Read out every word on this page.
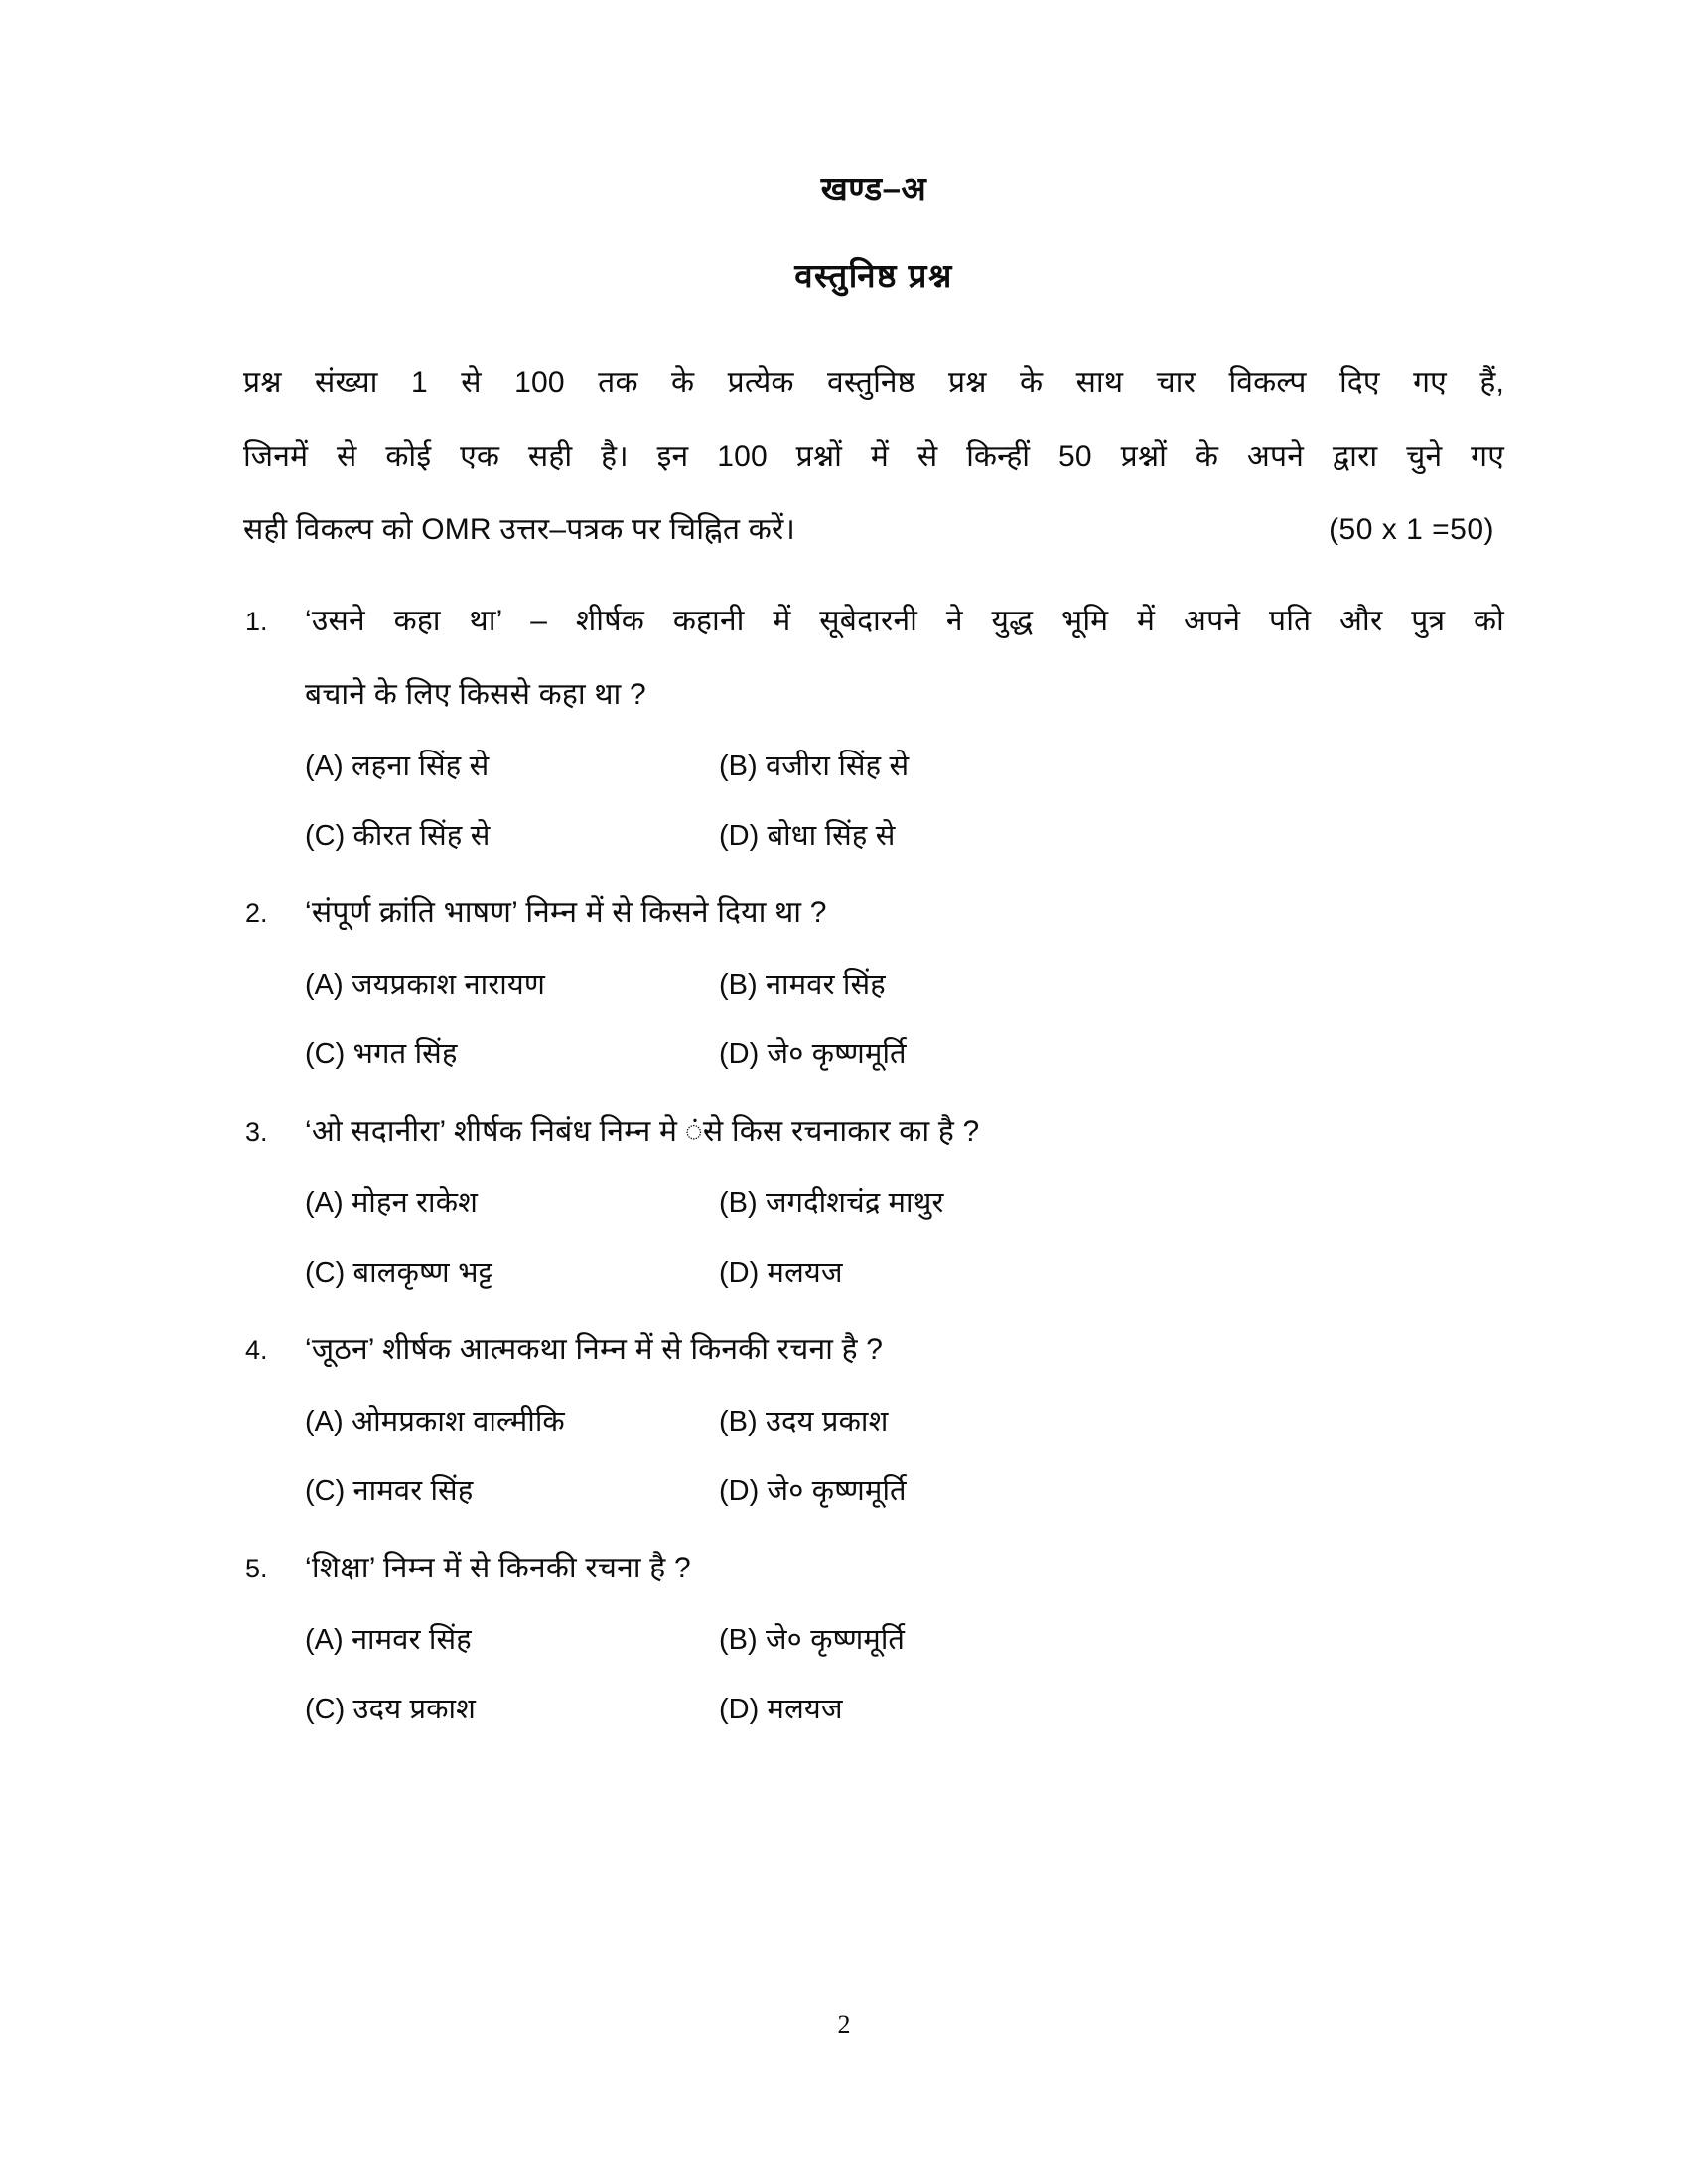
खण्ड–अ
वस्तुनिष्ठ प्रश्न
प्रश्न संख्या 1 से 100 तक के प्रत्येक वस्तुनिष्ठ प्रश्न के साथ चार विकल्प दिए गए हैं,
जिनमें से कोई एक सही है। इन 100 प्रश्नों में से किन्हीं 50 प्रश्नों के अपने द्वारा चुने गए
सही विकल्प को OMR उत्तर–पत्रक पर चिह्नित करें।	(50 x 1 =50)
1.	‘उसने कहा था’ – शीर्षक कहानी में सूबेदारनी ने युद्ध भूमि में अपने पति और पुत्र को
बचाने के लिए किससे कहा था ?
(A) लहना सिंह से	(B) वजीरा सिंह से
(C) कीरत सिंह से	(D) बोधा सिंह से
2.	‘संपूर्ण क्रांति भाषण’ निम्न में से किसने दिया था ?
(A) जयप्रकाश नारायण	(B) नामवर सिंह
(C) भगत सिंह	(D) जे० कृष्णमूर्ति
3.	‘ओ सदानीरा’ शीर्षक निबंध निम्न मे ंसे किस रचनाकार का है ?
(A) मोहन राकेश	(B) जगदीशचंद्र माथुर
(C) बालकृष्ण भट्ट	(D) मलयज
4.	‘जूठन’ शीर्षक आत्मकथा निम्न में से किनकी रचना है ?
(A) ओमप्रकाश वाल्मीकि	(B) उदय प्रकाश
(C) नामवर सिंह	(D) जे० कृष्णमूर्ति
5.	‘शिक्षा’ निम्न में से किनकी रचना है ?
(A) नामवर सिंह	(B) जे० कृष्णमूर्ति
(C) उदय प्रकाश	(D) मलयज
2
